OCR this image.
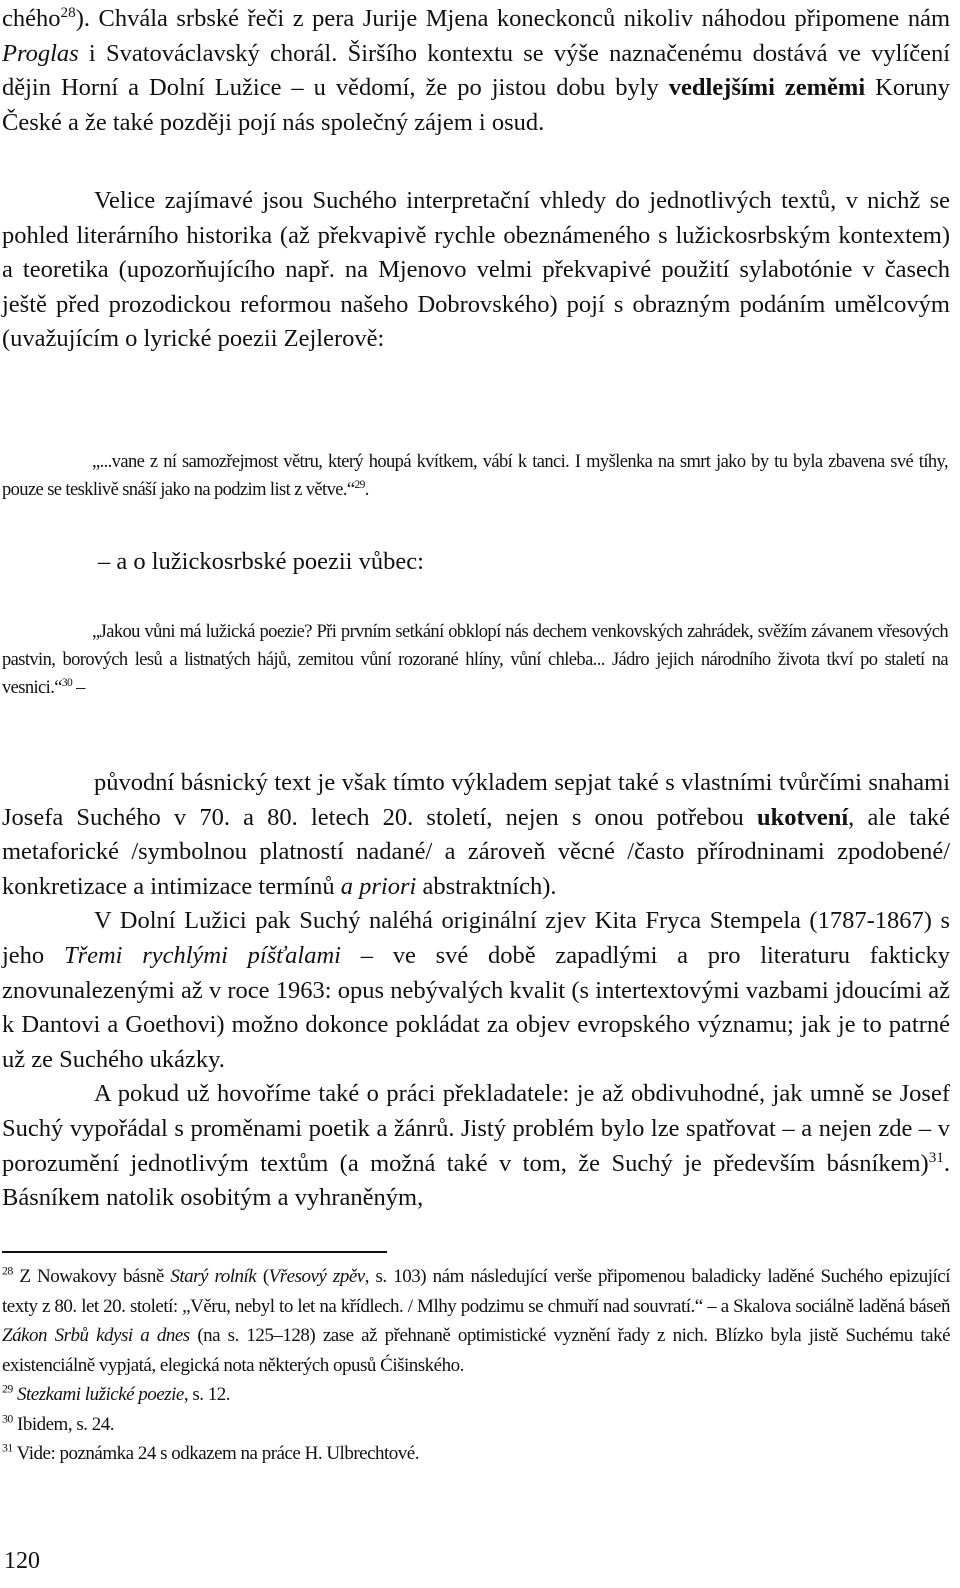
chého$^{28}$). Chvála srbské řeči z pera Jurije Mjena koneckonců nikoliv náhodou připomene nám Proglas i Svatováclavský chorál. Širšího kontextu se výše naznačenému dostává ve vylíčení dějin Horní a Dolní Lužice – u vědomí, že po jistou dobu byly vedlejšími zeměmi Koruny České a že také později pojí nás společný zájem i osud.

Velice zajímavé jsou Suchého interpretační vhledy do jednotlivých textů, v nichž se pohled literárního historika (až překvapivě rychle obeznámeného s lužickosrbským kontextem) a teoretika (upozorňujícího např. na Mjenovo velmi překvapivé použití sylabotónie v časech ještě před prozodickou reformou našeho Dobrovského) pojí s obrazným podáním umělcovým (uvažujícím o lyrické poezii Zejlerově:

„...vane z ní samozřejmost větru, který houpá kvítkem, vábí k tanci. I myšlenka na smrt jako by tu byla zbavena své tíhy, pouze se tesklivě snáší jako na podzim list z větve.“$^{29}$.

– a o lužickosrbské poezii vůbec:

„Jakou vůni má lužická poezie? Při prvním setkání obklopí nás dechem venkovských zahrádek, svěžím závanem vřesových pastvin, borových lesů a listnatých hájů, zemitou vůní rozorané hlíny, vůní chleba... Jádro jejich národního života tkví po staletí na vesnici.“$^{30}$ –

původní básnický text je však tímto výkladem sepjat také s vlastními tvůrčími snahami Josefa Suchého v 70. a 80. letech 20. století, nejen s onou potřebou ukotvení, ale také metaforické /symbolnou platností nadané/ a zároveň věcné /často přírodninami zpodobené/ konkretizace a intimizace termínů a priori abstraktních).

V Dolní Lužici pak Suchý naléhá originální zjev Kita Fryca Stempela (1787-1867) s jeho Třemi rychlými píšťalami – ve své době zapadlými a pro literaturu fakticky znovunalezenými až v roce 1963: opus nebývalých kvalit (s intertextovými vazbami jdoucími až k Dantovi a Goethovi) možno dokonce pokládat za objev evropského významu; jak je to patrné už ze Suchého ukázky.

A pokud už hovoříme také o práci překladatele: je až obdivuhodné, jak umně se Josef Suchý vypořádal s proměnami poetik a žánrů. Jistý problém bylo lze spatřovat – a nejen zde – v porozumění jednotlivým textům (a možná také v tom, že Suchý je především básníkem)$^{31}$. Básníkem natolik osobitým a vyhraněným,

$^{28}$ Z Nowakovy básně Starý rolník (Vřesový zpěv, s. 103) nám následující verše připomenou baladicky laděné Suchého epizující texty z 80. let 20. století: „Věru, nebyl to let na křídlech. / Mlhy podzimu se chmuří nad souvratí.“ – a Skalova sociálně laděná báseň Zákon Srbů kdysi a dnes (na s. 125–128) zase až přehnaně optimistické vyznění řady z nich. Blízko byla jistě Suchému také existenciálně vypjatá, elegická nota některých opusů Ćišinského.

$^{29}$ Stezkami lužické poezie, s. 12.

$^{30}$ Ibidem, s. 24.

$^{31}$ Vide: poznámka 24 s odkazem na práce H. Ulbrechtové.

120
